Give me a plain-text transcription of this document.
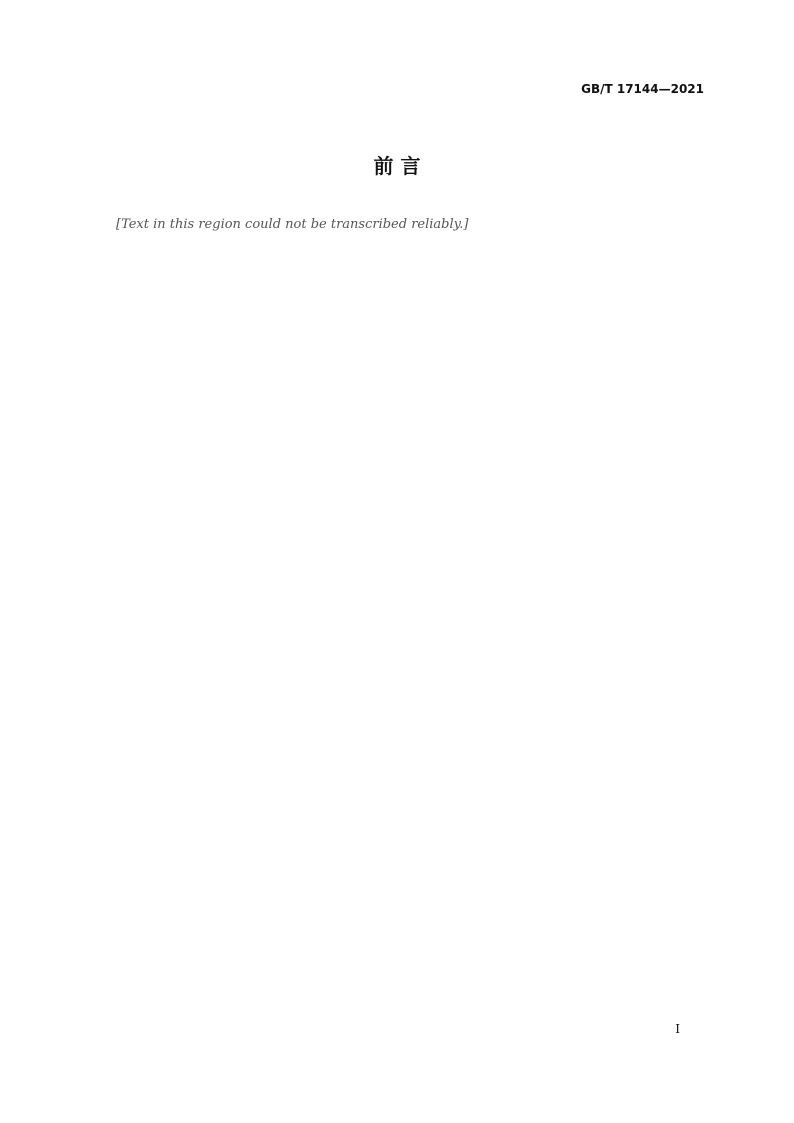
GB/T 17144—2021
前 言
[Text in this region could not be transcribed reliably.]
I
